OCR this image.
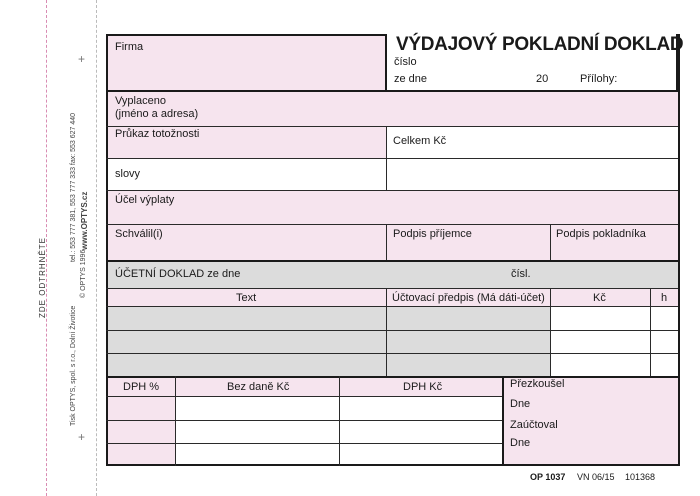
+
+
ZDE ODTRHNĚTE
Tisk OPTYS, spol. s r.o., Dolní Životice
tel.: 553 777 381, 553 777 333 fax: 553 627 440 www.OPTYS.cz
© OPTYS 1996
VÝDAJOVÝ POKLADNÍ DOKLAD
číslo
ze dne	20	Přílohy:
Firma
Vyplaceno
(jméno a adresa)
Průkaz totožnosti
Celkem Kč
slovy
Účel výplaty
Schválil(i)	Podpis příjemce	Podpis pokladníka
ÚČETNÍ DOKLAD ze dne	čísl.
Text	Účtovací předpis (Má dáti-účet)	Kč	h
DPH %	Bez daně Kč	DPH Kč	Přezkoušel
Dne
Zaúčtoval
Dne
OP 1037 VN 06/15 101368
